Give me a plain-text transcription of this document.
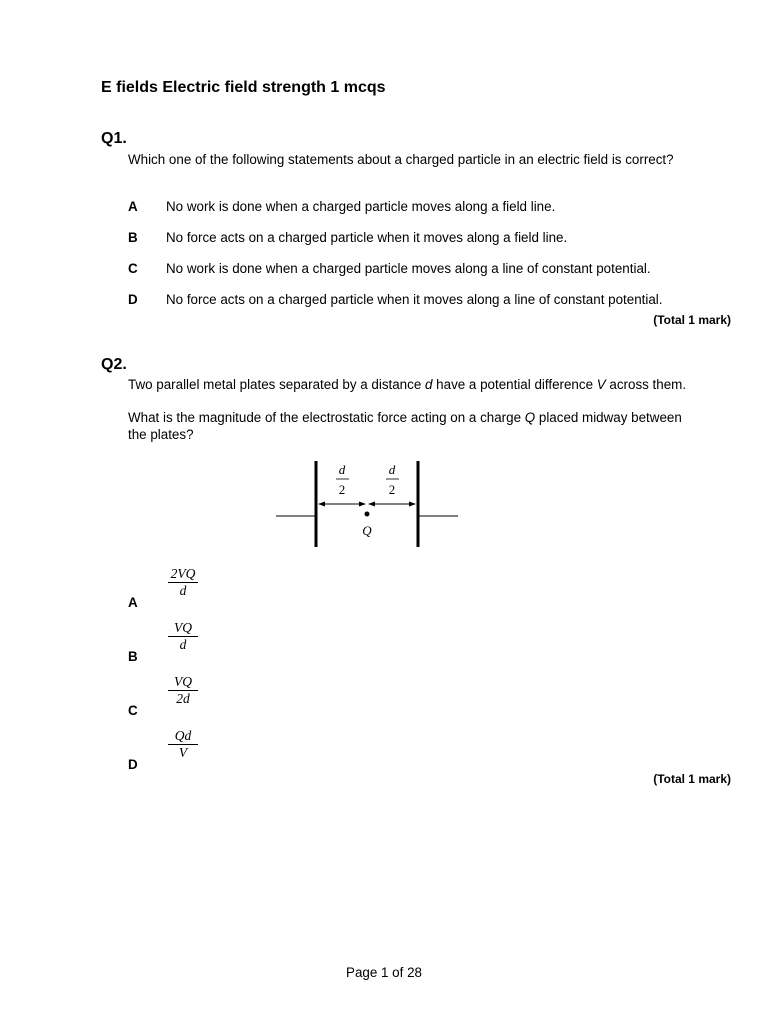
E fields Electric field strength 1 mcqs
Q1.
Which one of the following statements about a charged particle in an electric field is correct?
A No work is done when a charged particle moves along a field line.
B No force acts on a charged particle when it moves along a field line.
C No work is done when a charged particle moves along a line of constant potential.
D No force acts on a charged particle when it moves along a line of constant potential.
(Total 1 mark)
Q2.
Two parallel metal plates separated by a distance d have a potential difference V across them.
What is the magnitude of the electrostatic force acting on a charge Q placed midway between the plates?
d
2
d
2
Q
$\frac{2VQ}{d}$
A
$\frac{VQ}{d}$
B
$\frac{VQ}{2d}$
C
$\frac{Qd}{V}$
D
(Total 1 mark)
Page 1 of 28
